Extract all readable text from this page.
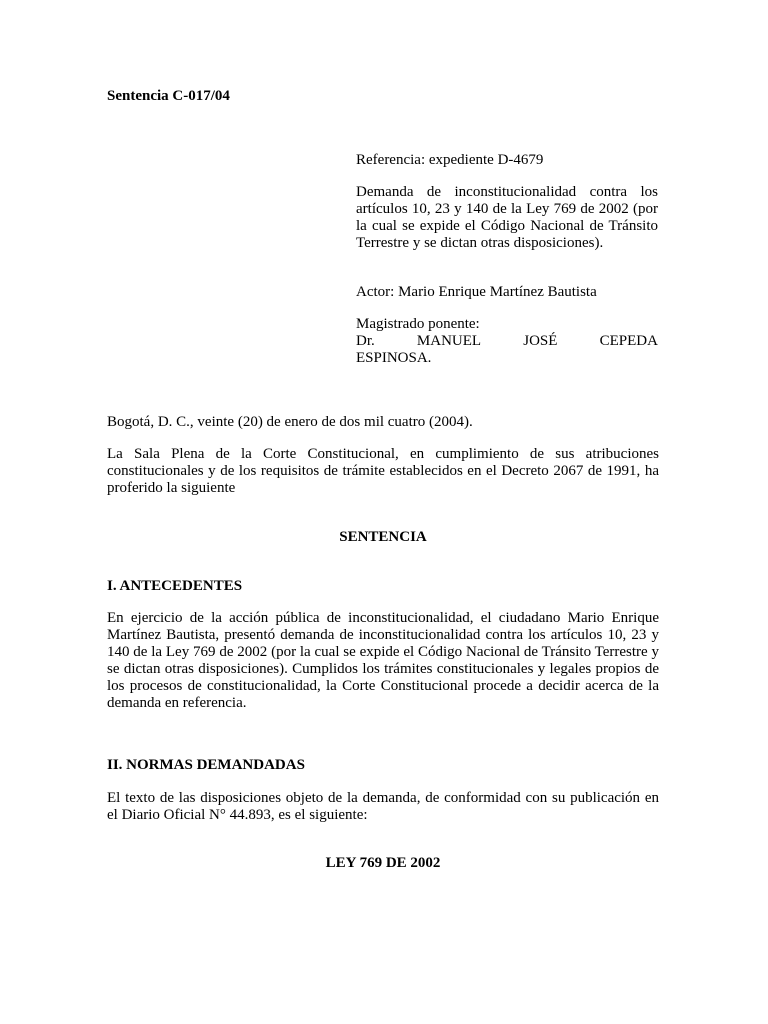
Sentencia C-017/04

Referencia: expediente D-4679

Demanda de inconstitucionalidad contra los artículos 10, 23 y 140 de la Ley 769 de 2002 (por la cual se expide el Código Nacional de Tránsito Terrestre y se dictan otras disposiciones).

Actor: Mario Enrique Martínez Bautista

Magistrado ponente:
Dr.	MANUEL	JOSÉ	CEPEDA
ESPINOSA.

Bogotá, D. C., veinte (20) de enero de dos mil cuatro (2004).

La Sala Plena de la Corte Constitucional, en cumplimiento de sus atribuciones constitucionales y de los requisitos de trámite establecidos en el Decreto 2067 de 1991, ha proferido la siguiente

SENTENCIA

I. ANTECEDENTES

En ejercicio de la acción pública de inconstitucionalidad, el ciudadano Mario Enrique Martínez Bautista, presentó demanda de inconstitucionalidad contra los artículos 10, 23 y 140 de la Ley 769 de 2002 (por la cual se expide el Código Nacional de Tránsito Terrestre y se dictan otras disposiciones). Cumplidos los trámites constitucionales y legales propios de los procesos de constitucionalidad, la Corte Constitucional procede a decidir acerca de la demanda en referencia.

II. NORMAS DEMANDADAS

El texto de las disposiciones objeto de la demanda, de conformidad con su publicación en el Diario Oficial N° 44.893, es el siguiente:

LEY 769 DE 2002
